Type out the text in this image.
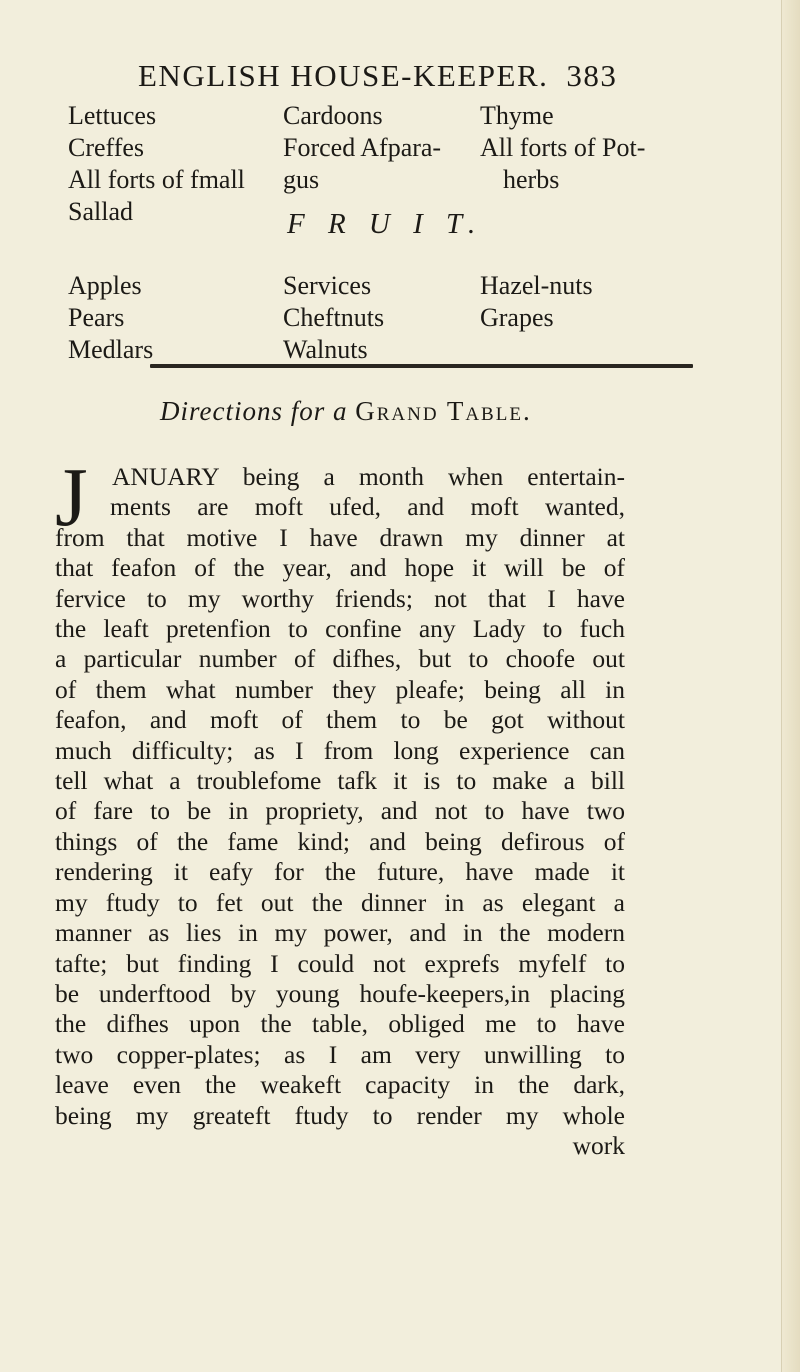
ENGLISH HOUSE-KEEPER. 383
Lettuces
Creffes
All forts of fmall
Sallad
Cardoons
Forced Afpara-
gus
Thyme
All forts of Pot-
herbs
F R U I T.
Apples
Pears
Medlars
Services
Cheftnuts
Walnuts
Hazel-nuts
Grapes
Directions for a Grand Table.
J ANUARY being a month when entertain-
ments are moft ufed, and moft wanted,
from that motive I have drawn my dinner at
that feafon of the year, and hope it will be of
fervice to my worthy friends; not that I have
the leaft pretenfion to confine any Lady to fuch
a particular number of difhes, but to choofe out
of them what number they pleafe; being all in
feafon, and moft of them to be got without
much difficulty; as I from long experience can
tell what a troublefome tafk it is to make a bill
of fare to be in propriety, and not to have two
things of the fame kind; and being defirous of
rendering it eafy for the future, have made it
my ftudy to fet out the dinner in as elegant a
manner as lies in my power, and in the modern
tafte; but finding I could not exprefs myfelf to
be underftood by young houfe-keepers,in placing
the difhes upon the table, obliged me to have
two copper-plates; as I am very unwilling to
leave even the weakeft capacity in the dark,
being my greateft ftudy to render my whole
work
